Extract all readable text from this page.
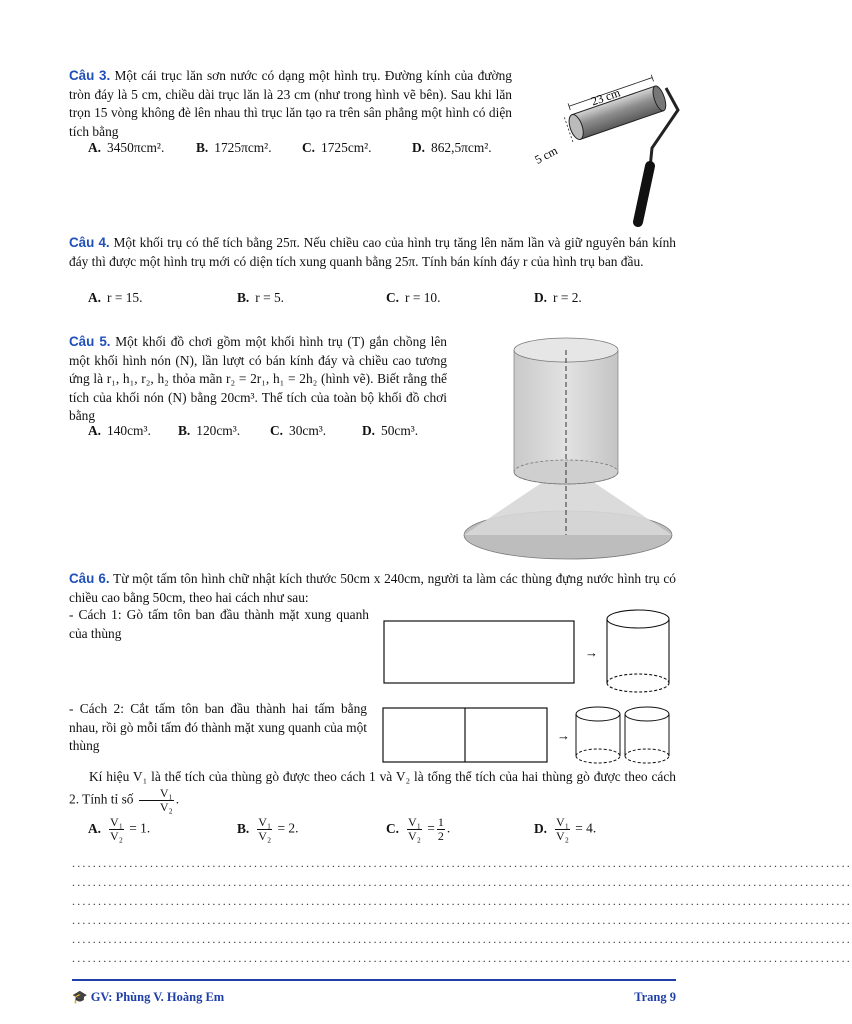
Câu 3. Một cái trục lăn sơn nước có dạng một hình trụ. Đường kính của đường tròn đáy là 5 cm, chiều dài trục lăn là 23 cm (như trong hình vẽ bên). Sau khi lăn trọn 15 vòng không đè lên nhau thì trục lăn tạo ra trên sân phẳng một hình có diện tích bằng
A. 3450πcm². B. 1725πcm². C. 1725cm².	D. 862,5πcm².
23 cm
5 cm
Câu 4. Một khối trụ có thể tích bằng 25π. Nếu chiều cao của hình trụ tăng lên năm lần và giữ nguyên bán kính đáy thì được một hình trụ mới có diện tích xung quanh bằng 25π. Tính bán kính đáy r của hình trụ ban đầu.
A. r = 15.	B. r = 5.	C. r = 10.	D. r = 2.
Câu 5. Một khối đồ chơi gồm một khối hình trụ (T) gắn chồng lên một khối hình nón (N), lần lượt có bán kính đáy và chiều cao tương ứng là r₁, h₁, r₂, h₂ thỏa mãn r₂ = 2r₁, h₁ = 2h₂ (hình vẽ). Biết rằng thể tích của khối nón (N) bằng 20cm³. Thể tích của toàn bộ khối đồ chơi bằng
A. 140cm³. B. 120cm³. C. 30cm³.	D. 50cm³.
Câu 6. Từ một tấm tôn hình chữ nhật kích thước 50cm x 240cm, người ta làm các thùng đựng nước hình trụ có chiều cao bằng 50cm, theo hai cách như sau:
- Cách 1: Gò tấm tôn ban đầu thành mặt xung quanh của thùng
- Cách 2: Cắt tấm tôn ban đầu thành hai tấm bằng nhau, rồi gò mỗi tấm đó thành mặt xung quanh của một thùng
→
→
Kí hiệu V₁ là thể tích của thùng gò được theo cách 1 và V₂ là tổng thể tích của hai thùng gò được theo cách 2. Tính tỉ số $\frac{\text{V₁}}{\text{V₂}}$ .
A. $\frac{\text{V₁}}{\text{V₂}} = 1$.	B. $\frac{\text{V₁}}{\text{V₂}} = 2$.	C. $\frac{\text{V₁}}{\text{V₂}} = \frac{1}{2}$ .	D. $\frac{\text{V₁}}{\text{V₂}} = 4$.
......................................................................................................................................................
......................................................................................................................................................
......................................................................................................................................................
......................................................................................................................................................
......................................................................................................................................................
......................................................................................................................................................
🎓 GV: Phùng V. Hoàng Em	Trang 9
